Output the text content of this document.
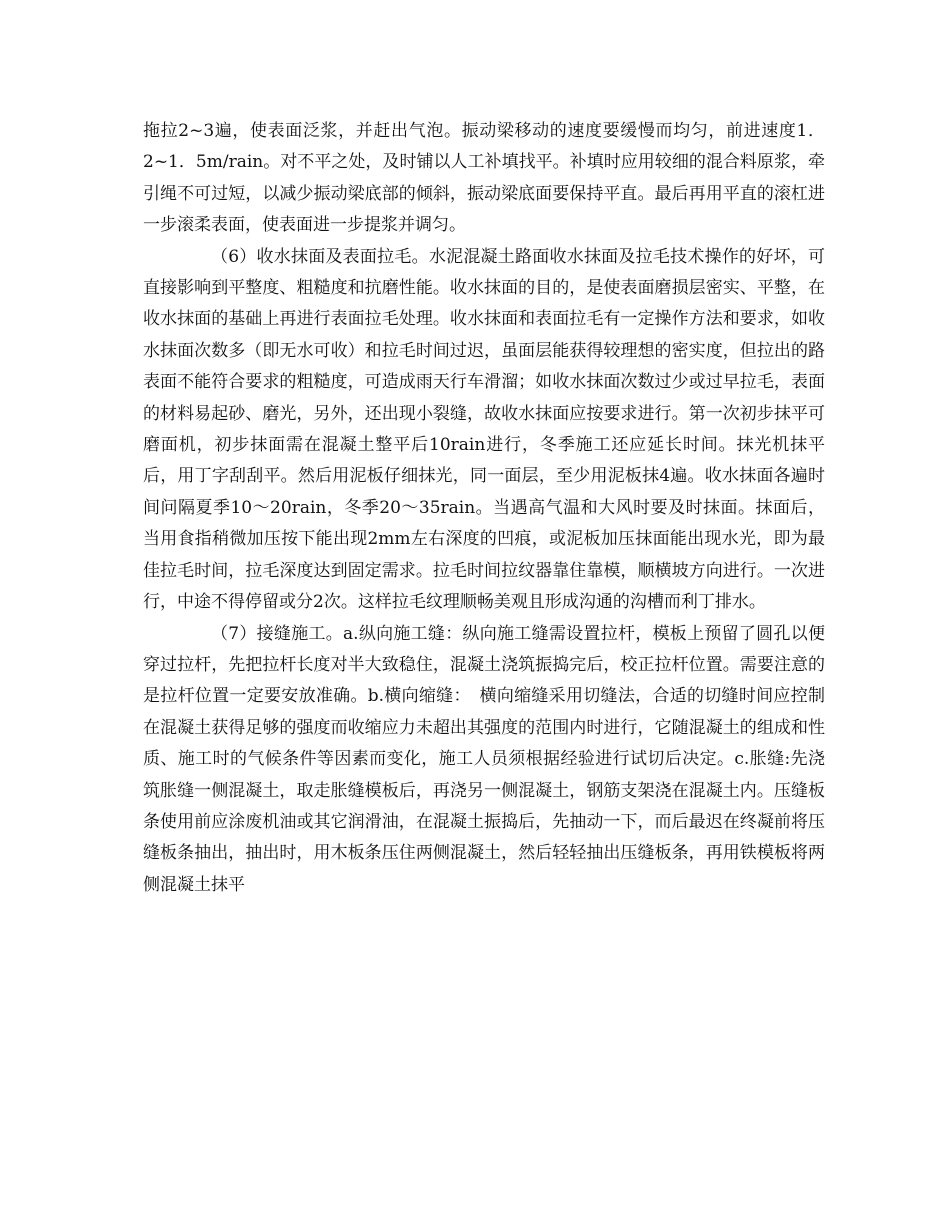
拖拉2~3遍，使表面泛浆，并赶出气泡。振动梁移动的速度要缓慢而均匀，前进速度1．2~1．5m/rain。对不平之处，及时铺以人工补填找平。补填时应用较细的混合料原浆，牵引绳不可过短，以减少振动梁底部的倾斜，振动梁底面要保持平直。最后再用平直的滚杠进一步滚柔表面，使表面进一步提浆并调匀。

（6）收水抹面及表面拉毛。水泥混凝土路面收水抹面及拉毛技术操作的好坏，可直接影响到平整度、粗糙度和抗磨性能。收水抹面的目的，是使表面磨损层密实、平整，在收水抹面的基础上再进行表面拉毛处理。收水抹面和表面拉毛有一定操作方法和要求，如收水抹面次数多（即无水可收）和拉毛时间过迟，虽面层能获得较理想的密实度，但拉出的路表面不能符合要求的粗糙度，可造成雨天行车滑溜；如收水抹面次数过少或过早拉毛，表面的材料易起砂、磨光，另外，还出现小裂缝，故收水抹面应按要求进行。第一次初步抹平可磨面机，初步抹面需在混凝土整平后10rain进行，冬季施工还应延长时间。抹光机抹平后，用丁字刮刮平。然后用泥板仔细抹光，同一面层，至少用泥板抹4遍。收水抹面各遍时间问隔夏季10～20rain，冬季20～35rain。当遇高气温和大风时要及时抹面。抹面后，当用食指稍微加压按下能出现2mm左右深度的凹痕，或泥板加压抹面能出现水光，即为最佳拉毛时间，拉毛深度达到固定需求。拉毛时间拉纹器靠住靠模，顺横坡方向进行。一次进行，中途不得停留或分2次。这样拉毛纹理顺畅美观且形成沟通的沟槽而利丁排水。

（7）接缝施工。a.纵向施工缝：纵向施工缝需设置拉杆，模板上预留了圆孔以便穿过拉杆，先把拉杆长度对半大致稳住，混凝土浇筑振捣完后，校正拉杆位置。需要注意的是拉杆位置一定要安放准确。b.横向缩缝：　横向缩缝采用切缝法，合适的切缝时间应控制在混凝土获得足够的强度而收缩应力未超出其强度的范围内时进行，它随混凝土的组成和性质、施工时的气候条件等因素而变化，施工人员须根据经验进行试切后决定。c.胀缝:先浇筑胀缝一侧混凝土，取走胀缝模板后，再浇另一侧混凝土，钢筋支架浇在混凝土内。压缝板条使用前应涂废机油或其它润滑油，在混凝土振捣后，先抽动一下，而后最迟在终凝前将压缝板条抽出，抽出时，用木板条压住两侧混凝土，然后轻轻抽出压缝板条，再用铁模板将两侧混凝土抹平
